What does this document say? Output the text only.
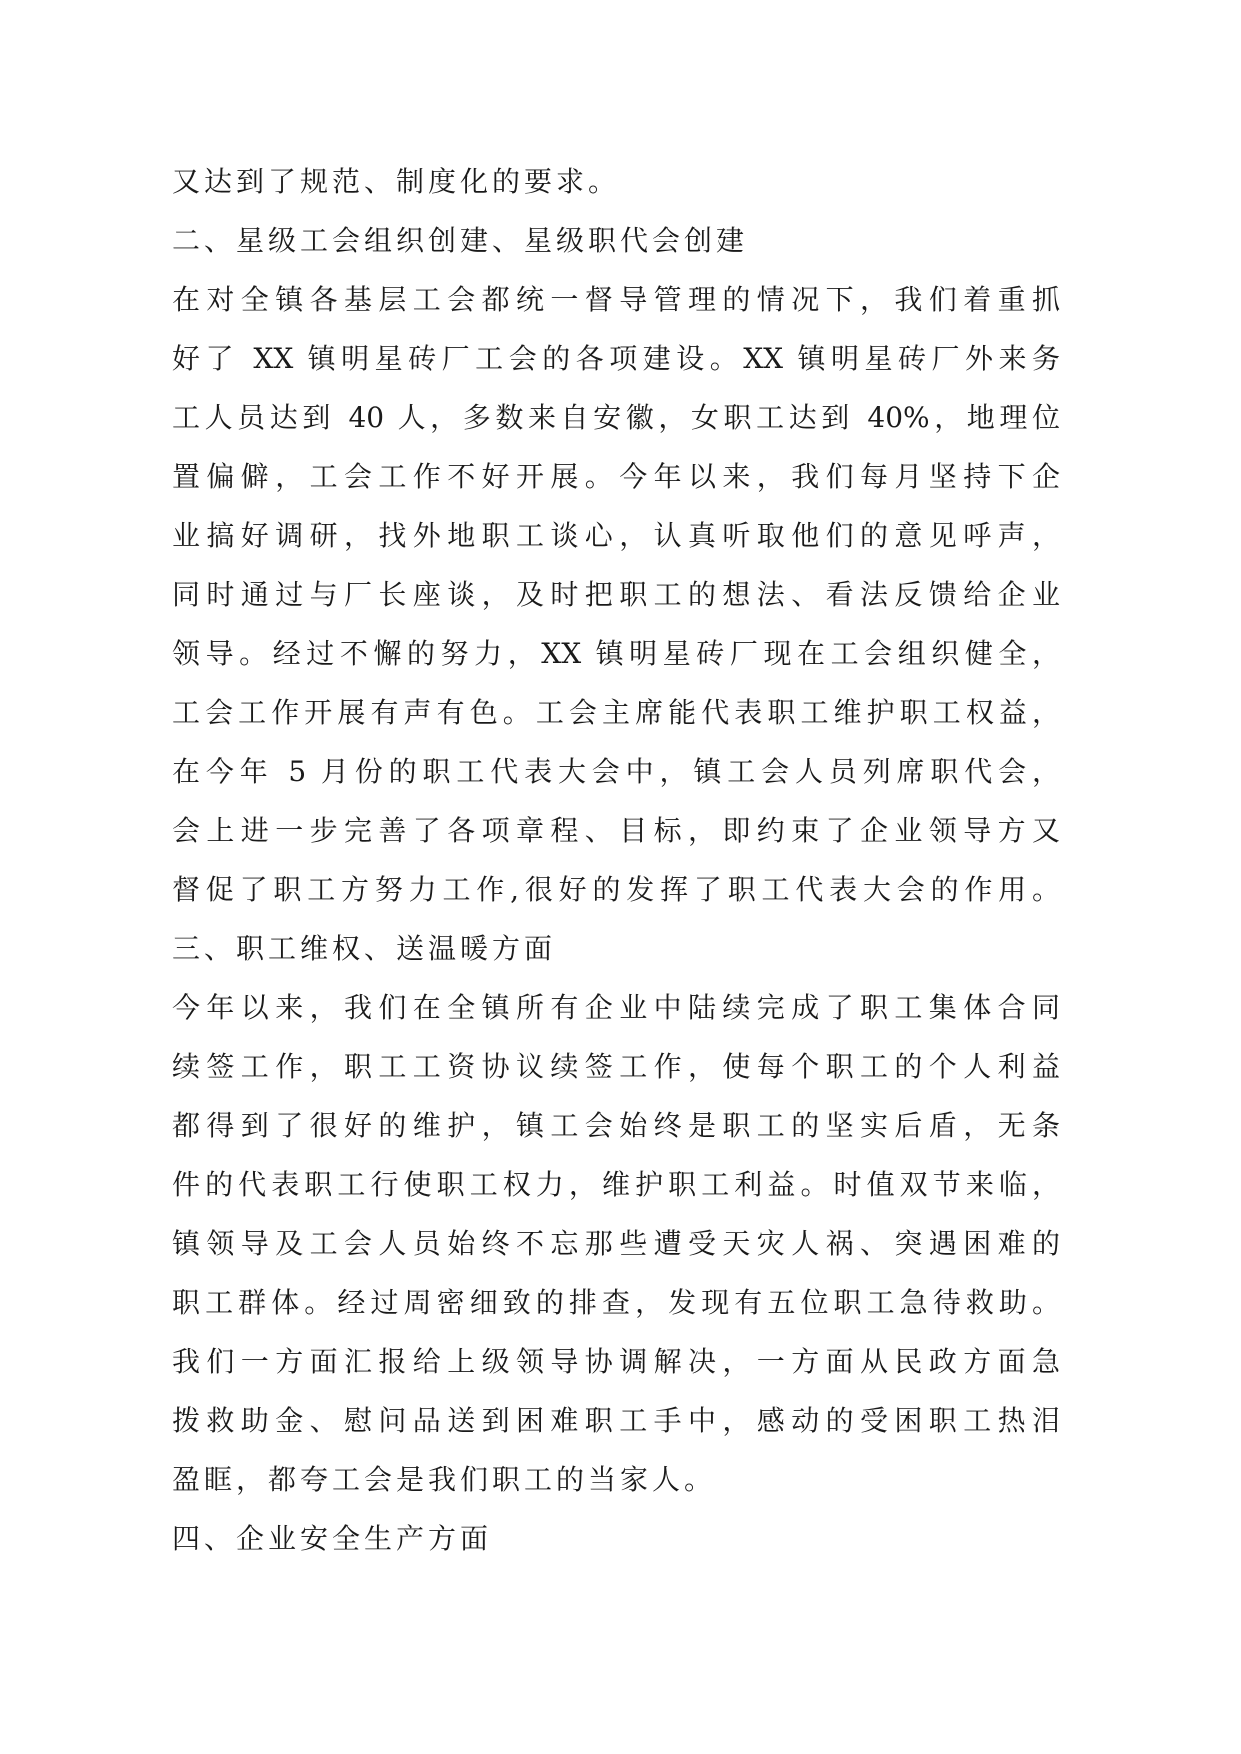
又达到了规范、制度化的要求。
二、星级工会组织创建、星级职代会创建
在对全镇各基层工会都统一督导管理的情况下，我们着重抓
好了 XX 镇明星砖厂工会的各项建设。XX 镇明星砖厂外来务
工人员达到 40 人，多数来自安徽，女职工达到 40%，地理位
置偏僻，工会工作不好开展。今年以来，我们每月坚持下企
业搞好调研，找外地职工谈心，认真听取他们的意见呼声，
同时通过与厂长座谈，及时把职工的想法、看法反馈给企业
领导。经过不懈的努力，XX 镇明星砖厂现在工会组织健全，
工会工作开展有声有色。工会主席能代表职工维护职工权益，
在今年 5 月份的职工代表大会中，镇工会人员列席职代会，
会上进一步完善了各项章程、目标，即约束了企业领导方又
督促了职工方努力工作,很好的发挥了职工代表大会的作用。
三、职工维权、送温暖方面
今年以来，我们在全镇所有企业中陆续完成了职工集体合同
续签工作，职工工资协议续签工作，使每个职工的个人利益
都得到了很好的维护，镇工会始终是职工的坚实后盾，无条
件的代表职工行使职工权力，维护职工利益。时值双节来临，
镇领导及工会人员始终不忘那些遭受天灾人祸、突遇困难的
职工群体。经过周密细致的排查，发现有五位职工急待救助。
我们一方面汇报给上级领导协调解决，一方面从民政方面急
拨救助金、慰问品送到困难职工手中，感动的受困职工热泪
盈眶，都夸工会是我们职工的当家人。
四、企业安全生产方面
